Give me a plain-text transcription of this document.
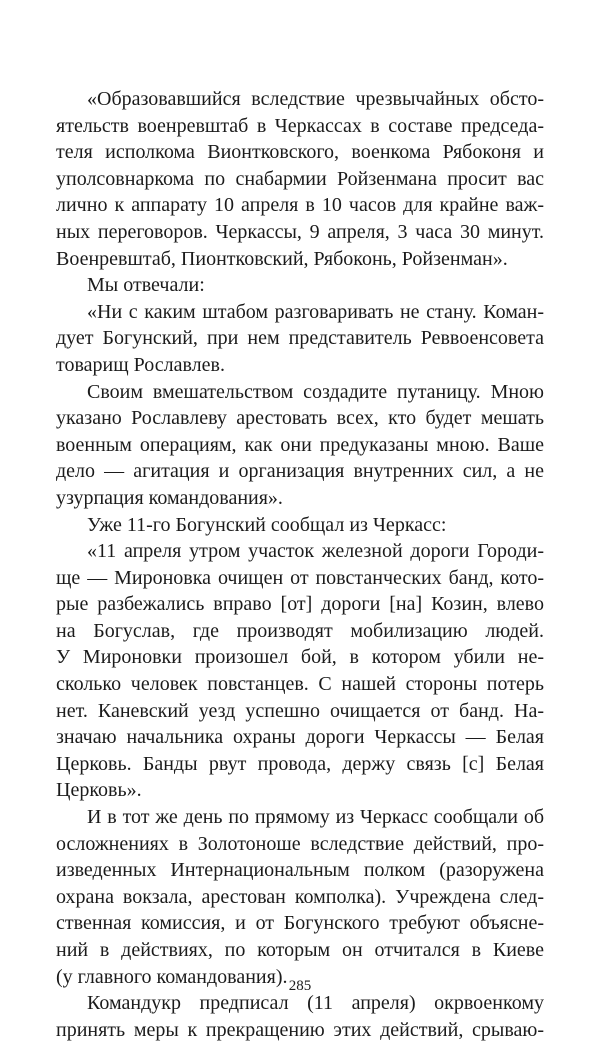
«Образовавшийся вследствие чрезвычайных обсто-
ятельств военревштаб в Черкассах в составе председа-
теля исполкома Вионтковского, военкома Рябоконя и
уполсовнаркома по снабармии Ройзенмана просит вас
лично к аппарату 10 апреля в 10 часов для крайне важ-
ных переговоров. Черкассы, 9 апреля, 3 часа 30 минут.
Военревштаб, Пионтковский, Рябоконь, Ройзенман».
Мы отвечали:
«Ни с каким штабом разговаривать не стану. Коман-
дует Богунский, при нем представитель Реввоенсовета
товарищ Рославлев.
Своим вмешательством создадите путаницу. Мною
указано Рославлеву арестовать всех, кто будет мешать
военным операциям, как они предуказаны мною. Ваше
дело — агитация и организация внутренних сил, а не
узурпация командования».
Уже 11-го Богунский сообщал из Черкасс:
«11 апреля утром участок железной дороги Городи-
ще — Мироновка очищен от повстанческих банд, кото-
рые разбежались вправо [от] дороги [на] Козин, влево
на Богуслав, где производят мобилизацию людей.
У Мироновки произошел бой, в котором убили не-
сколько человек повстанцев. С нашей стороны потерь
нет. Каневский уезд успешно очищается от банд. На-
значаю начальника охраны дороги Черкассы — Белая
Церковь. Банды рвут провода, держу связь [с] Белая
Церковь».
И в тот же день по прямому из Черкасс сообщали об
осложнениях в Золотоноше вследствие действий, про-
изведенных Интернациональным полком (разоружена
охрана вокзала, арестован комполка). Учреждена след-
ственная комиссия, и от Богунского требуют объясне-
ний в действиях, по которым он отчитался в Киеве
(у главного командования).
Командукр предписал (11 апреля) окрвоенкому
принять меры к прекращению этих действий, срываю-
285
